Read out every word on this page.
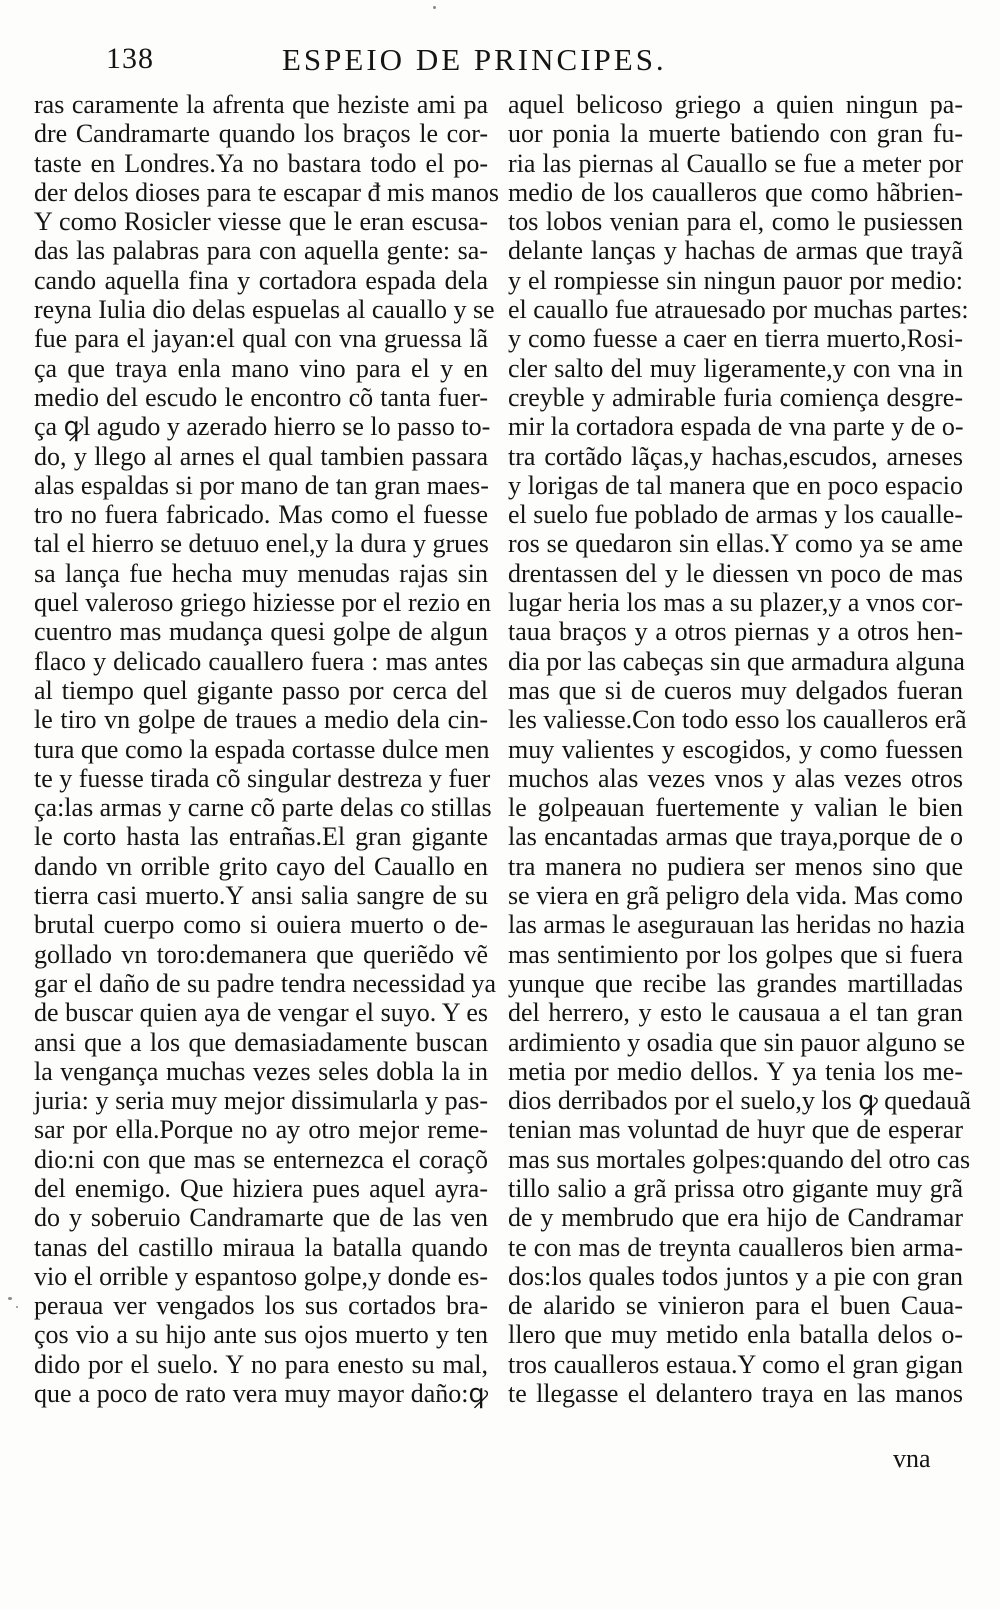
138	ESPEIO DE PRINCIPES.
ras caramente la afrenta que heziste ami pa
dre Candramarte quando los braços le cor-
taste en Londres.Ya no bastara todo el po-
der delos dioses para te escapar đ mis manos
Y como Rosicler viesse que le eran escusa-
das las palabras para con aquella gente: sa-
cando aquella fina y cortadora espada dela
reyna Iulia dio delas espuelas al cauallo y se
fue para el jayan:el qual con vna gruessa lã
ça que traya enla mano vino para el y en
medio del escudo le encontro cõ tanta fuer-
ça ꝙl agudo y azerado hierro se lo passo to-
do, y llego al arnes el qual tambien passara
alas espaldas si por mano de tan gran maes-
tro no fuera fabricado. Mas como el fuesse
tal el hierro se detuuo enel,y la dura y grues
sa lança fue hecha muy menudas rajas sin
quel valeroso griego hiziesse por el rezio en
cuentro mas mudança quesi golpe de algun
flaco y delicado cauallero fuera : mas antes
al tiempo quel gigante passo por cerca del
le tiro vn golpe de traues a medio dela cin-
tura que como la espada cortasse dulce men
te y fuesse tirada cõ singular destreza y fuer
ça:las armas y carne cõ parte delas co stillas
le corto hasta las entrañas.El gran gigante
dando vn orrible grito cayo del Cauallo en
tierra casi muerto.Y ansi salia sangre de su
brutal cuerpo como si ouiera muerto o de-
gollado vn toro:demanera que queriẽdo vẽ
gar el daño de su padre tendra necessidad ya
de buscar quien aya de vengar el suyo. Y es
ansi que a los que demasiadamente buscan
la vengança muchas vezes seles dobla la in
juria: y seria muy mejor dissimularla y pas-
sar por ella.Porque no ay otro mejor reme-
dio:ni con que mas se enternezca el coraçõ
del enemigo. Que hiziera pues aquel ayra-
do y soberuio Candramarte que de las ven
tanas del castillo miraua la batalla quando
vio el orrible y espantoso golpe,y donde es-
peraua ver vengados los sus cortados bra-
ços vio a su hijo ante sus ojos muerto y ten
dido por el suelo. Y no para enesto su mal,
que a poco de rato vera muy mayor daño:ꝙ
aquel belicoso griego a quien ningun pa-
uor ponia la muerte batiendo con gran fu-
ria las piernas al Cauallo se fue a meter por
medio de los caualleros que como hãbrien-
tos lobos venian para el, como le pusiessen
delante lanças y hachas de armas que trayã
y el rompiesse sin ningun pauor por medio:
el cauallo fue atrauesado por muchas partes:
y como fuesse a caer en tierra muerto,Rosi-
cler salto del muy ligeramente,y con vna in
creyble y admirable furia comiença desgre-
mir la cortadora espada de vna parte y de o-
tra cortãdo lãças,y hachas,escudos, arneses
y lorigas de tal manera que en poco espacio
el suelo fue poblado de armas y los caualle-
ros se quedaron sin ellas.Y como ya se ame
drentassen del y le diessen vn poco de mas
lugar heria los mas a su plazer,y a vnos cor-
taua braços y a otros piernas y a otros hen-
dia por las cabeças sin que armadura alguna
mas que si de cueros muy delgados fueran
les valiesse.Con todo esso los caualleros erã
muy valientes y escogidos, y como fuessen
muchos alas vezes vnos y alas vezes otros
le golpeauan fuertemente y valian le bien
las encantadas armas que traya,porque de o
tra manera no pudiera ser menos sino que
se viera en grã peligro dela vida. Mas como
las armas le asegurauan las heridas no hazia
mas sentimiento por los golpes que si fuera
yunque que recibe las grandes martilladas
del herrero, y esto le causaua a el tan gran
ardimiento y osadia que sin pauor alguno se
metia por medio dellos. Y ya tenia los me-
dios derribados por el suelo,y los ꝙ quedauã
tenian mas voluntad de huyr que de esperar
mas sus mortales golpes:quando del otro cas
tillo salio a grã prissa otro gigante muy grã
de y membrudo que era hijo de Candramar
te con mas de treynta caualleros bien arma-
dos:los quales todos juntos y a pie con gran
de alarido se vinieron para el buen Caua-
llero que muy metido enla batalla delos o-
tros caualleros estaua.Y como el gran gigan
te llegasse el delantero traya en las manos
vna
